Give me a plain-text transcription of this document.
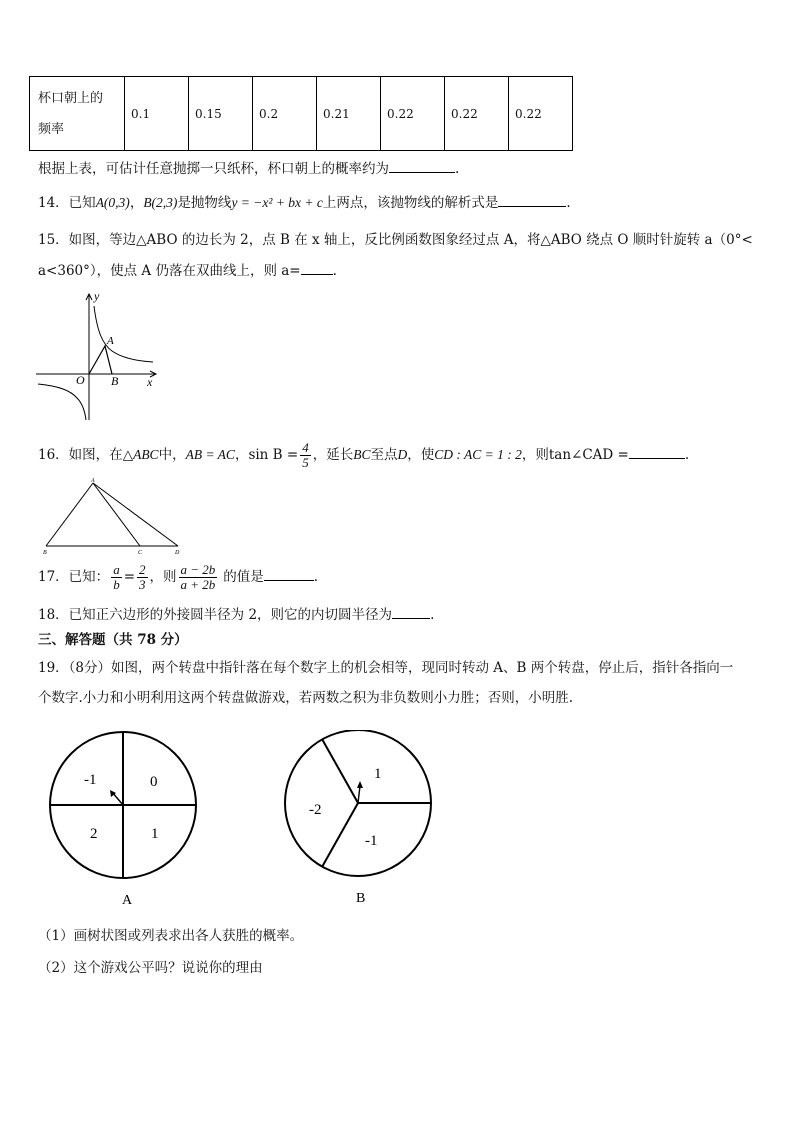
杯口朝上的
频率	0.1	0.15	0.2	0.21	0.22	0.22	0.22
根据上表，可估计任意抛掷一只纸杯，杯口朝上的概率约为	.
14．已知A(0,3)，B(2,3)是抛物线y = −x² + bx + c上两点，该抛物线的解析式是	.
15．如图，等边△ABO 的边长为 2，点 B 在 x 轴上，反比例函数图象经过点 A，将△ABO 绕点 O 顺时针旋转 a（0°<
a<360°），使点 A 仍落在双曲线上，则 a= .
y
x
O
A
B
16．如图，在△ABC中，AB = AC，$\sin B = \frac{4}{5}$ ，延长BC至点D，使CD : AC = 1 : 2，则tan∠CAD =	.
A
B	C	D
17．已知： $\frac{a}{b} = \frac{2}{3}$ ，则 $\frac{a - 2b}{a + 2b}$ 的值是	.
18．已知正六边形的外接圆半径为 2，则它的内切圆半径为	.
三、解答题（共 78 分）
19．（8分）如图，两个转盘中指针落在每个数字上的机会相等，现同时转动 A、B 两个转盘，停止后，指针各指向一
个数字.小力和小明利用这两个转盘做游戏，若两数之积为非负数则小力胜；否则，小明胜.
-1	0
2	1
A
1
-2
-1
B
（1）画树状图或列表求出各人获胜的概率。
（2）这个游戏公平吗？说说你的理由
